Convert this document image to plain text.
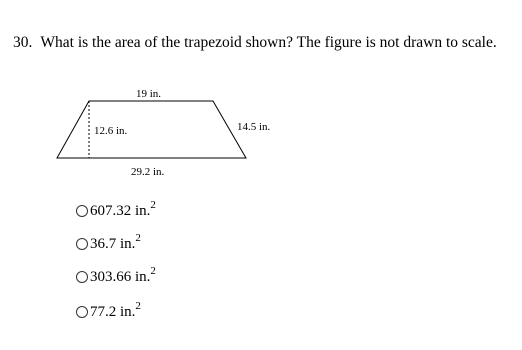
30. What is the area of the trapezoid shown? The figure is not drawn to scale.
19 in.
12.6 in.	14.5 in.
29.2 in.
607.32 in.$^2$
36.7 in.$^2$
303.66 in.$^2$
77.2 in.$^2$
